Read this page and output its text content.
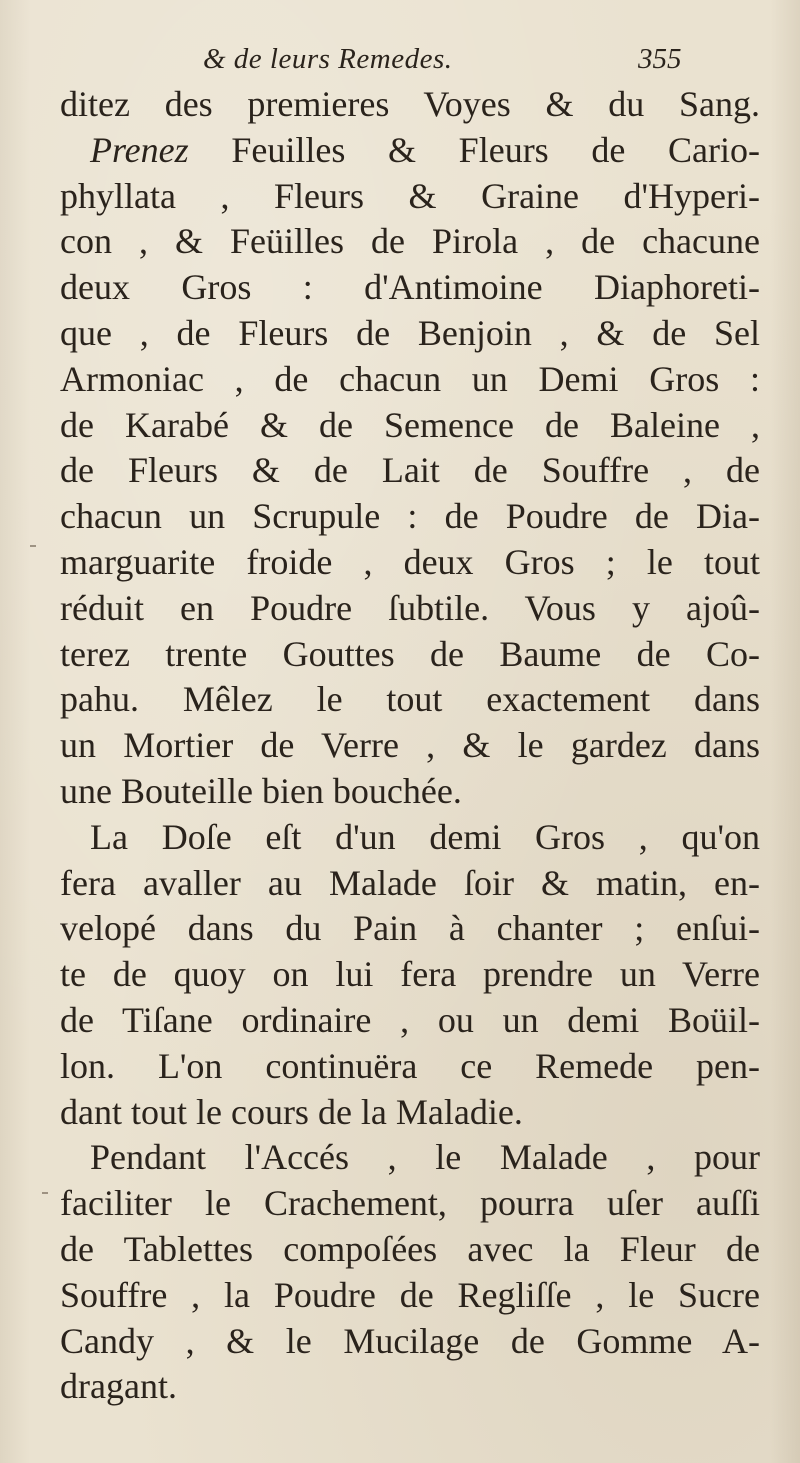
& de leurs Remedes.	355
ditez des premieres Voyes & du Sang.
Prenez Feuilles & Fleurs de Cario-
phyllata , Fleurs & Graine d'Hyperi-
con , & Feüilles de Pirola , de chacune
deux Gros : d'Antimoine Diaphoreti-
que , de Fleurs de Benjoin , & de Sel
Armoniac , de chacun un Demi Gros :
de Karabé & de Semence de Baleine ,
de Fleurs & de Lait de Souffre , de
chacun un Scrupule : de Poudre de Dia-
marguarite froide , deux Gros ; le tout
réduit en Poudre ſubtile. Vous y ajoû-
terez trente Gouttes de Baume de Co-
pahu. Mêlez le tout exactement dans
un Mortier de Verre , & le gardez dans
une Bouteille bien bouchée.
La Doſe eſt d'un demi Gros , qu'on
fera avaller au Malade ſoir & matin, en-
velopé dans du Pain à chanter ; enſui-
te de quoy on lui fera prendre un Verre
de Tiſane ordinaire , ou un demi Boüil-
lon. L'on continuëra ce Remede pen-
dant tout le cours de la Maladie.
Pendant l'Accés , le Malade , pour
faciliter le Crachement, pourra uſer auſſi
de Tablettes compoſées avec la Fleur de
Souffre , la Poudre de Regliſſe , le Sucre
Candy , & le Mucilage de Gomme A-
dragant.
